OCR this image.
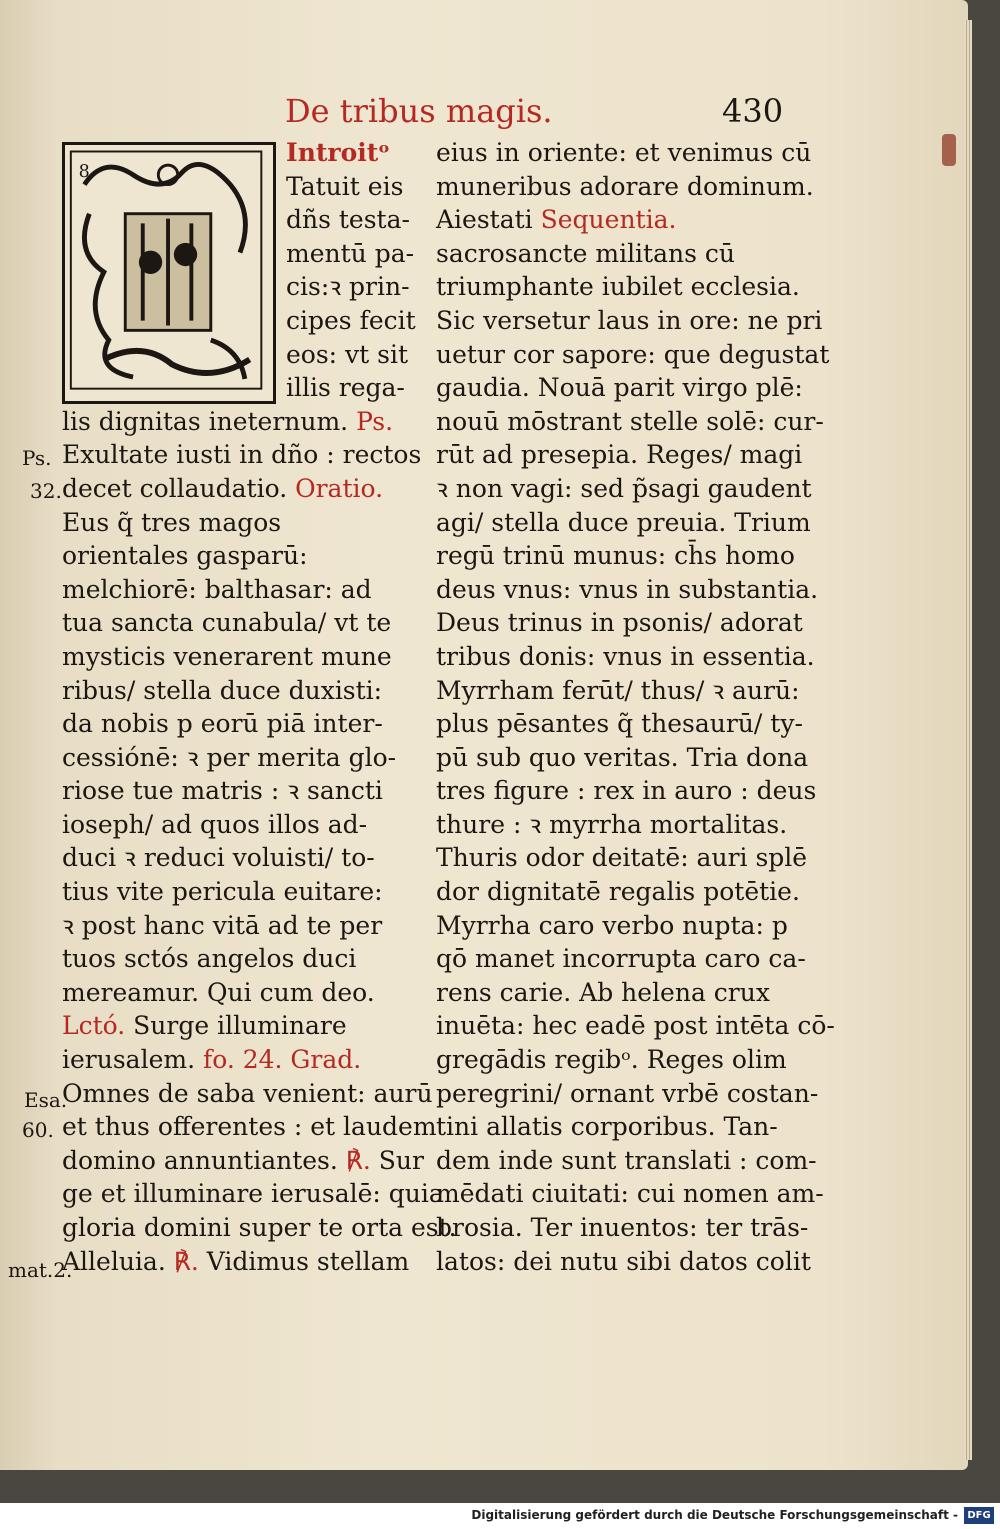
De tribus magis.	430
8

Introitᵒ

Tatuit eis

dñs testa‑

mentū pa‑

cis:ꝛ prin‑

cipes fecit

eos: vt sit

illis rega‑

lis dignitas ineternum. Ps.

Exultate iusti in dño : rectos

decet collaudatio. Oratio.

Eus q̃ tres magos

orientales gasparū:

melchiorē: balthasar: ad

tua sancta cunabula/ vt te

mysticis venerarent mune

ribus/ stella duce duxisti:

da nobis p eorū piā inter‑

cessiónē: ꝛ per merita glo‑

riose tue matris : ꝛ sancti

ioseph/ ad quos illos ad‑

duci ꝛ reduci voluisti/ to‑

tius vite pericula euitare:

ꝛ post hanc vitā ad te per

tuos sctós angelos duci

mereamur. Qui cum deo.

Lctó. Surge illuminare

ierusalem. fo. 24. Grad.

Omnes de saba venient: aurū

et thus offerentes : et laudem

domino annuntiantes. ℟. Sur

ge et illuminare ierusalē: quia

gloria domini super te orta est.

Alleluia. ℟. Vidimus stellam

Ps.
32.
Esa.
60.
mat.2.

eius in oriente: et venimus cū

muneribus adorare dominum.

Aiestati Sequentia.

sacrosancte militans cū

triumphante iubilet ecclesia.

Sic versetur laus in ore: ne pri

uetur cor sapore: que degustat

gaudia. Nouā parit virgo plē:

nouū mōstrant stelle solē: cur‑

rūt ad presepia. Reges/ magi

ꝛ non vagi: sed p̃sagi gaudent

agi/ stella duce preuia. Trium

regū trinū munus: ch̄s homo

deus vnus: vnus in substantia.

Deus trinus in psonis/ adorat

tribus donis: vnus in essentia.

Myrrham ferūt/ thus/ ꝛ aurū:

plus pēsantes q̃ thesaurū/ ty‑

pū sub quo veritas. Tria dona

tres figure : rex in auro : deus

thure : ꝛ myrrha mortalitas.

Thuris odor deitatē: auri splē

dor dignitatē regalis potētie.

Myrrha caro verbo nupta: p

qō manet incorrupta caro ca‑

rens carie. Ab helena crux

inuēta: hec eadē post intēta cō‑

gregādis regibᵒ. Reges olim

peregrini/ ornant vrbē costan‑

tini allatis corporibus. Tan‑

dem inde sunt translati : com‑

mēdati ciuitati: cui nomen am‑

brosia. Ter inuentos: ter trās‑

latos: dei nutu sibi datos colit

Digitalisierung gefördert durch die Deutsche Forschungsgemeinschaft - DFG
